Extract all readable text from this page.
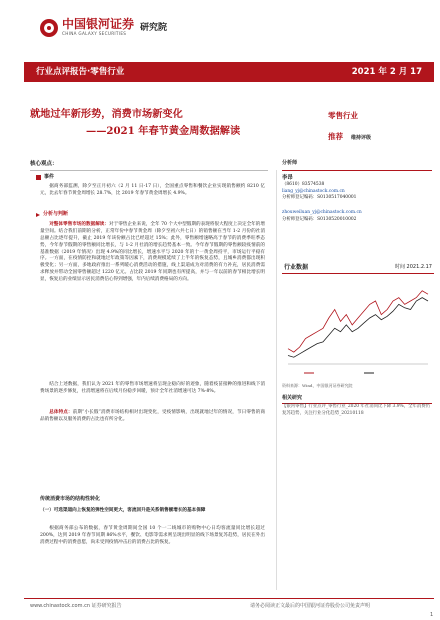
中国银河证券
CHINA GALAXY SECURITIES
研究院
行业点评报告·零售行业	2021 年 2 月 17
就地过年新形势，消费市场新变化
——2021 年春节黄金周数据解读
零售行业
推荐 维持评级
核心观点：
事件

据商务部监测，除夕至正月初六（2 月 11 日-17 日），全国重点零售和餐饮企业实现销售额约 8210 亿元，比去年春节黄金周增长 28.7%，比 2019 年春节黄金周增长 4.9%。

分析与判断

对整体零售市场的数据解读：对于零售企业来说，全年 70 个大中型假期的表现将很大程度上决定全年的增量空间。结合我们前期的分析，正常年份中春节黄金周（除夕至初六共七日）的销售额在当年 1-2 月份的社消总额占比逐年提升，截止 2019 年该份额占比已经超过 15%；此外，零售额增速略高于春节的消费季旺季态势，今年春节假期的零售额同比增长，与 1-2 月社消的增长趋势基本一致。今年春节假期的零售额较疫情前的基准数据（2019 年情况）出现 4.9%的同比增长，增速水平与 2020 年的十一黄金周持平，市场运行平稳有序。一方面，在疫情防控和就地过年政策等因素下，消费规模延续了上半年的恢复态势，且城乡消费都出现积极变化；另一方面，多地政府推出一系列暖心消费活动的措施，线上渠道成为对消费的有力补充，居民消费需求释放并带动全国零售额超过 1220 亿元。占比较 2019 年同期也有所提高，并与一年以前的春节相比增长明显，恢复后的业绩显示居民消费信心得到增强，年内后续消费格局的方向。

结合上述数据，我们认为 2021 年的零售市场增速将呈现企稳向好的迹象，随着疫苗接种的推进和线下消费场景的逐步修复，社消增速将在后续月份稳步回暖，预计全年社消增速可达 7%-8%。

总体特点：前期“小长假”消费市场结构相对出现变化，受疫情影响，出现就地过年的情况，节日零售的商品销售额以及服务消费的占比也有所分化。

传统消费市场的结构性转化
（一）可选渠道向上恢复的弹性空间更大，客流回升是关系销售额增长的基本保障

根据商务部公布的数据，春节黄金周期间全国 10 个一二线城市的购物中心日均客流量同比增长超过 200%，达到 2019 年春节同期 86%水平，餐饮、电影等需求则呈现出明显的线下场景复苏趋势，居民在外出消费过程中的消费意愿，尚未受到疫情冲击后的消费占比的恢复。

分析师
李昂
（8610）83574538
liang_yj@chinastock.com.cn
分析师登记编码：S0130517040001
zhouweiluan_yj@chinastock.com.cn
分析师登记编码：S0130520010002
行业数据	时间 2021.2.17
资料来源：Wind，中国银河证券研究院
相关研究
【银河零售】行业点评_零售行业_2020 年社消同比下降 3.9%，全年消费仍复苏趋势，关注行业分化趋势_20210118
www.chinastock.com.cn 证券研究报告	请务必阅读正文最后的中国银河证券股份公司免责声明
1
